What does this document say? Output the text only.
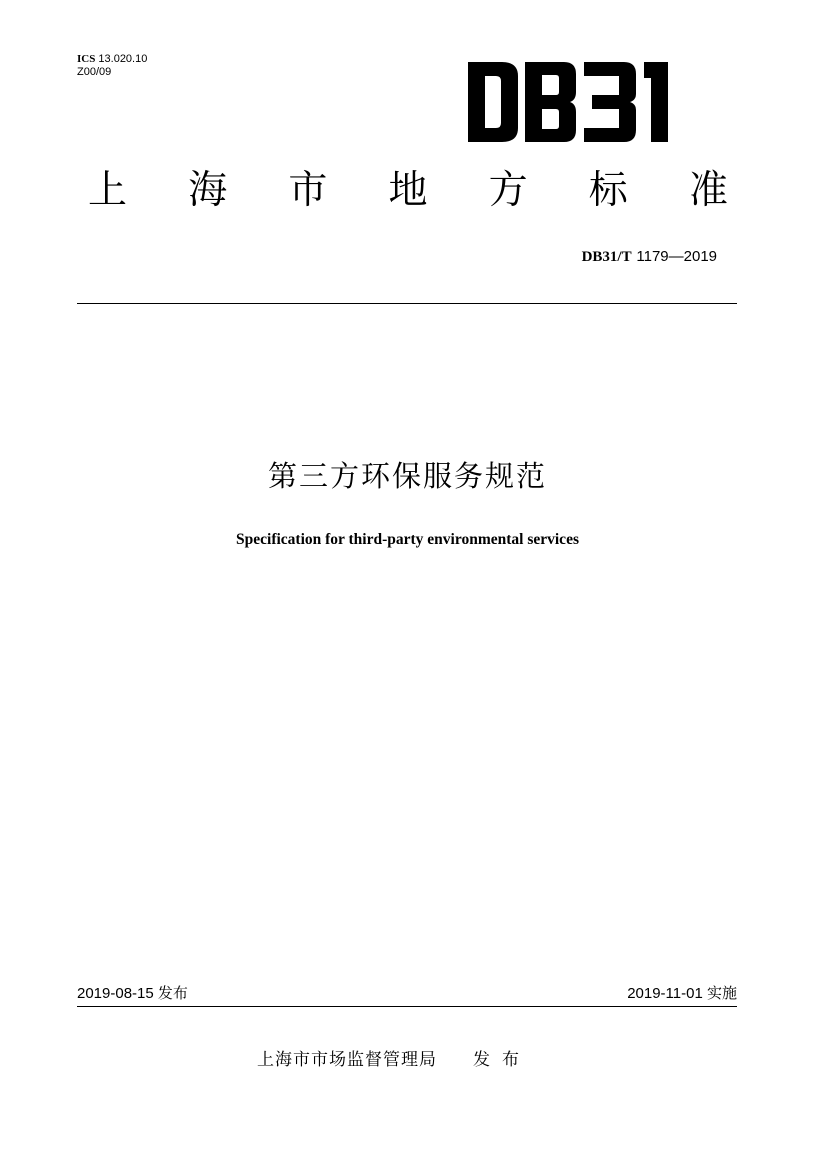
ICS 13.020.10
Z00/09
上 海 市 地 方 标 准
DB31/T 1179—2019
第三方环保服务规范
Specification for third-party environmental services
2019-08-15 发布	2019-11-01 实施
上海市市场监督管理局 发布
